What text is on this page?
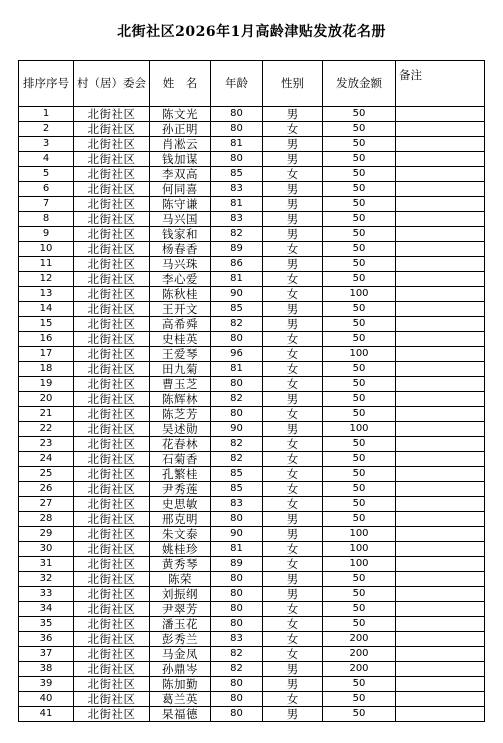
北街社区2026年1月高龄津贴发放花名册
排序序号	村（居）委会	姓　名	年龄	性别	发放金额	备注
1	北街社区	陈文光	80	男	50	
2	北街社区	孙正明	80	女	50	
3	北街社区	肖凇云	81	男	50	
4	北街社区	钱加谋	80	男	50	
5	北街社区	李双高	85	女	50	
6	北街社区	何同喜	83	男	50	
7	北街社区	陈守谦	81	男	50	
8	北街社区	马兴国	83	男	50	
9	北街社区	钱家和	82	男	50	
10	北街社区	杨春香	89	女	50	
11	北街社区	马兴珠	86	男	50	
12	北街社区	李心爱	81	女	50	
13	北街社区	陈秋桂	90	女	100	
14	北街社区	王开文	85	男	50	
15	北街社区	高希舜	82	男	50	
16	北街社区	史桂英	80	女	50	
17	北街社区	王爱琴	96	女	100	
18	北街社区	田九菊	81	女	50	
19	北街社区	曹玉芝	80	女	50	
20	北街社区	陈辉林	82	男	50	
21	北街社区	陈芝芳	80	女	50	
22	北街社区	吴述勋	90	男	100	
23	北街社区	花春林	82	女	50	
24	北街社区	石菊香	82	女	50	
25	北街社区	孔繁桂	85	女	50	
26	北街社区	尹秀莲	85	女	50	
27	北街社区	史思敏	83	女	50	
28	北街社区	邢克明	80	男	50	
29	北街社区	朱文泰	90	男	100	
30	北街社区	姚桂珍	81	女	100	
31	北街社区	黄秀琴	89	女	100	
32	北街社区	陈荣	80	男	50	
33	北街社区	刘振纲	80	男	50	
34	北街社区	尹翠芳	80	女	50	
35	北街社区	潘玉花	80	女	50	
36	北街社区	彭秀兰	83	女	200	
37	北街社区	马金凤	82	女	200	
38	北街社区	孙鼎岑	82	男	200	
39	北街社区	陈加勤	80	男	50	
40	北街社区	葛兰英	80	女	50	
41	北街社区	杲福德	80	男	50	
